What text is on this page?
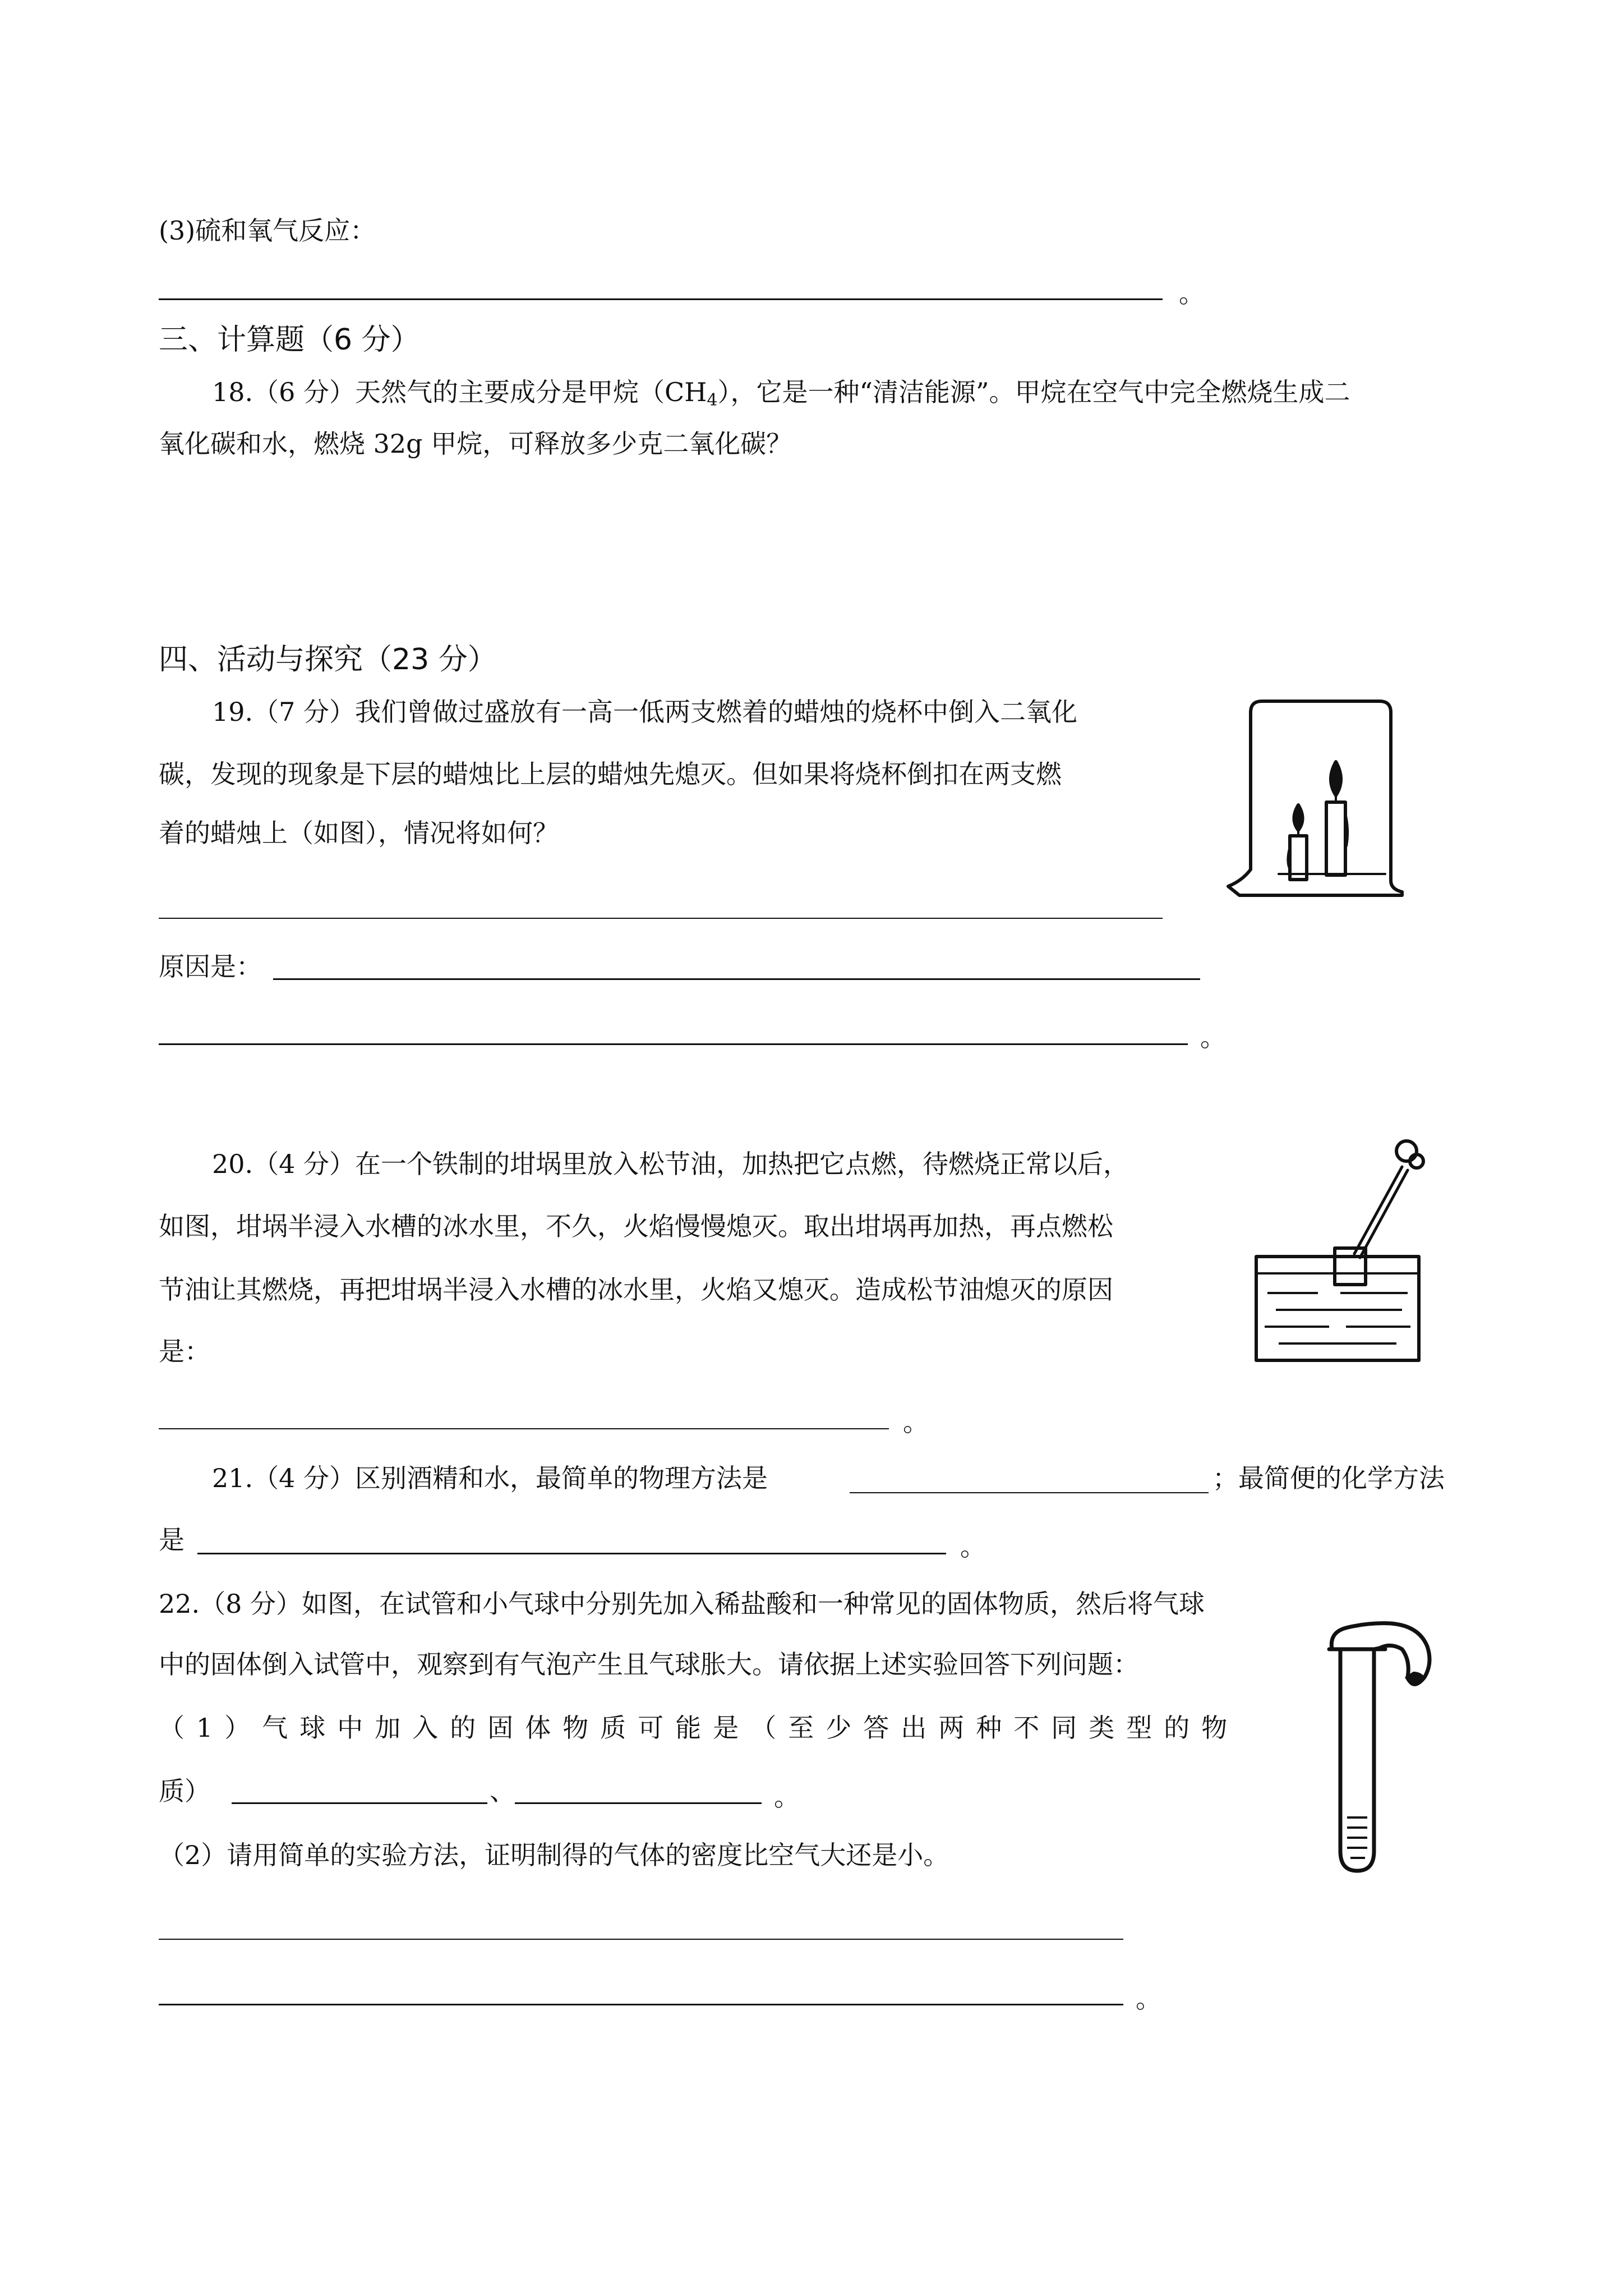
(3)硫和氧气反应：
。
三、计算题（6 分）
18.（6 分）天然气的主要成分是甲烷$(CH_4)$，它是一种“清洁能源”。甲烷在空气中完全燃烧生成二
氧化碳和水，燃烧 32g 甲烷，可释放多少克二氧化碳？
四、活动与探究（23 分）
19.（7 分）我们曾做过盛放有一高一低两支燃着的蜡烛的烧杯中倒入二氧化
碳，发现的现象是下层的蜡烛比上层的蜡烛先熄灭。但如果将烧杯倒扣在两支燃
着的蜡烛上（如图），情况将如何？
原因是：
。
20.（4 分）在一个铁制的坩埚里放入松节油，加热把它点燃，待燃烧正常以后，
如图，坩埚半浸入水槽的冰水里，不久，火焰慢慢熄灭。取出坩埚再加热，再点燃松
节油让其燃烧，再把坩埚半浸入水槽的冰水里，火焰又熄灭。造成松节油熄灭的原因
是：
。
21.（4 分）区别酒精和水，最简单的物理方法是	；最简便的化学方法
是	。
22.（8 分）如图，在试管和小气球中分别先加入稀盐酸和一种常见的固体物质，然后将气球
中的固体倒入试管中，观察到有气泡产生且气球胀大。请依据上述实验回答下列问题：
（1）气球中加入的固体物质可能是（至少答出两种不同类型的物
质）	、	。
（2）请用简单的实验方法，证明制得的气体的密度比空气大还是小。
。
